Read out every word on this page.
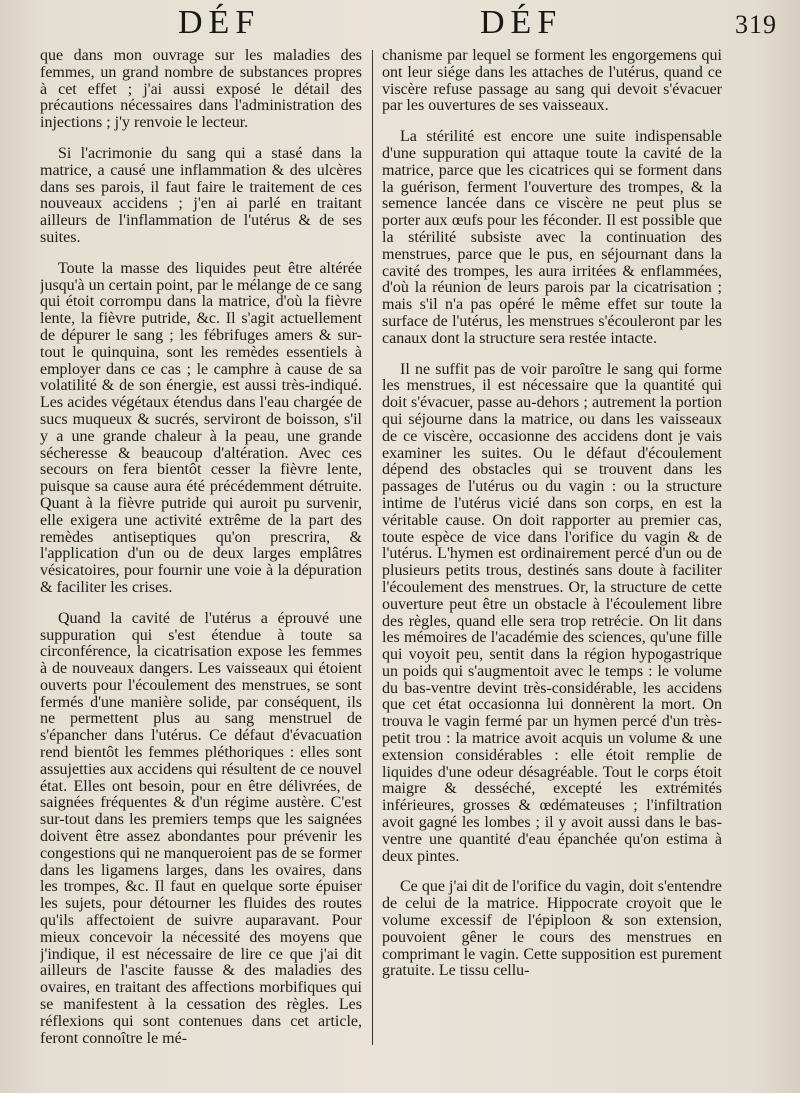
DÉF	DÉF	319

que dans mon ouvrage sur les maladies des femmes, un grand nombre de substances propres à cet effet ; j'ai aussi exposé le détail des précautions nécessaires dans l'administration des injections ; j'y renvoie le lecteur.

Si l'acrimonie du sang qui a stasé dans la matrice, a causé une inflammation & des ulcères dans ses parois, il faut faire le traitement de ces nouveaux accidens ; j'en ai parlé en traitant ailleurs de l'inflammation de l'utérus & de ses suites.

Toute la masse des liquides peut être altérée jusqu'à un certain point, par le mélange de ce sang qui étoit corrompu dans la matrice, d'où la fièvre lente, la fièvre putride, &c. Il s'agit actuellement de dépurer le sang ; les fébrifuges amers & sur-tout le quinquina, sont les remèdes essentiels à employer dans ce cas ; le camphre à cause de sa volatilité & de son énergie, est aussi très-indiqué. Les acides végétaux étendus dans l'eau chargée de sucs muqueux & sucrés, serviront de boisson, s'il y a une grande chaleur à la peau, une grande sécheresse & beaucoup d'altération. Avec ces secours on fera bientôt cesser la fièvre lente, puisque sa cause aura été précédemment détruite. Quant à la fièvre putride qui auroit pu survenir, elle exigera une activité extrême de la part des remèdes antiseptiques qu'on prescrira, & l'application d'un ou de deux larges emplâtres vésicatoires, pour fournir une voie à la dépuration & faciliter les crises.

Quand la cavité de l'utérus a éprouvé une suppuration qui s'est étendue à toute sa circonférence, la cicatrisation expose les femmes à de nouveaux dangers. Les vaisseaux qui étoient ouverts pour l'écoulement des menstrues, se sont fermés d'une manière solide, par conséquent, ils ne permettent plus au sang menstruel de s'épancher dans l'utérus. Ce défaut d'évacuation rend bientôt les femmes pléthoriques : elles sont assujetties aux accidens qui résultent de ce nouvel état. Elles ont besoin, pour en être délivrées, de saignées fréquentes & d'un régime austère. C'est sur-tout dans les premiers temps que les saignées doivent être assez abondantes pour prévenir les congestions qui ne manqueroient pas de se former dans les ligamens larges, dans les ovaires, dans les trompes, &c. Il faut en quelque sorte épuiser les sujets, pour détourner les fluides des routes qu'ils affectoient de suivre auparavant. Pour mieux concevoir la nécessité des moyens que j'indique, il est nécessaire de lire ce que j'ai dit ailleurs de l'ascite fausse & des maladies des ovaires, en traitant des affections morbifiques qui se manifestent à la cessation des règles. Les réflexions qui sont contenues dans cet article, feront connoître le mé-

chanisme par lequel se forment les engorgemens qui ont leur siége dans les attaches de l'utérus, quand ce viscère refuse passage au sang qui devoit s'évacuer par les ouvertures de ses vaisseaux.

La stérilité est encore une suite indispensable d'une suppuration qui attaque toute la cavité de la matrice, parce que les cicatrices qui se forment dans la guérison, ferment l'ouverture des trompes, & la semence lancée dans ce viscère ne peut plus se porter aux œufs pour les féconder. Il est possible que la stérilité subsiste avec la continuation des menstrues, parce que le pus, en séjournant dans la cavité des trompes, les aura irritées & enflammées, d'où la réunion de leurs parois par la cicatrisation ; mais s'il n'a pas opéré le même effet sur toute la surface de l'utérus, les menstrues s'écouleront par les canaux dont la structure sera restée intacte.

Il ne suffit pas de voir paroître le sang qui forme les menstrues, il est nécessaire que la quantité qui doit s'évacuer, passe au-dehors ; autrement la portion qui séjourne dans la matrice, ou dans les vaisseaux de ce viscère, occasionne des accidens dont je vais examiner les suites. Ou le défaut d'écoulement dépend des obstacles qui se trouvent dans les passages de l'utérus ou du vagin : ou la structure intime de l'utérus vicié dans son corps, en est la véritable cause. On doit rapporter au premier cas, toute espèce de vice dans l'orifice du vagin & de l'utérus. L'hymen est ordinairement percé d'un ou de plusieurs petits trous, destinés sans doute à faciliter l'écoulement des menstrues. Or, la structure de cette ouverture peut être un obstacle à l'écoulement libre des règles, quand elle sera trop retrécie. On lit dans les mémoires de l'académie des sciences, qu'une fille qui voyoit peu, sentit dans la région hypogastrique un poids qui s'augmentoit avec le temps : le volume du bas-ventre devint très-considérable, les accidens que cet état occasionna lui donnèrent la mort. On trouva le vagin fermé par un hymen percé d'un très-petit trou : la matrice avoit acquis un volume & une extension considérables : elle étoit remplie de liquides d'une odeur désagréable. Tout le corps étoit maigre & desséché, excepté les extrémités inférieures, grosses & œdémateuses ; l'infiltration avoit gagné les lombes ; il y avoit aussi dans le bas-ventre une quantité d'eau épanchée qu'on estima à deux pintes.

Ce que j'ai dit de l'orifice du vagin, doit s'entendre de celui de la matrice. Hippocrate croyoit que le volume excessif de l'épiploon & son extension, pouvoient gêner le cours des menstrues en comprimant le vagin. Cette supposition est purement gratuite. Le tissu cellu-
